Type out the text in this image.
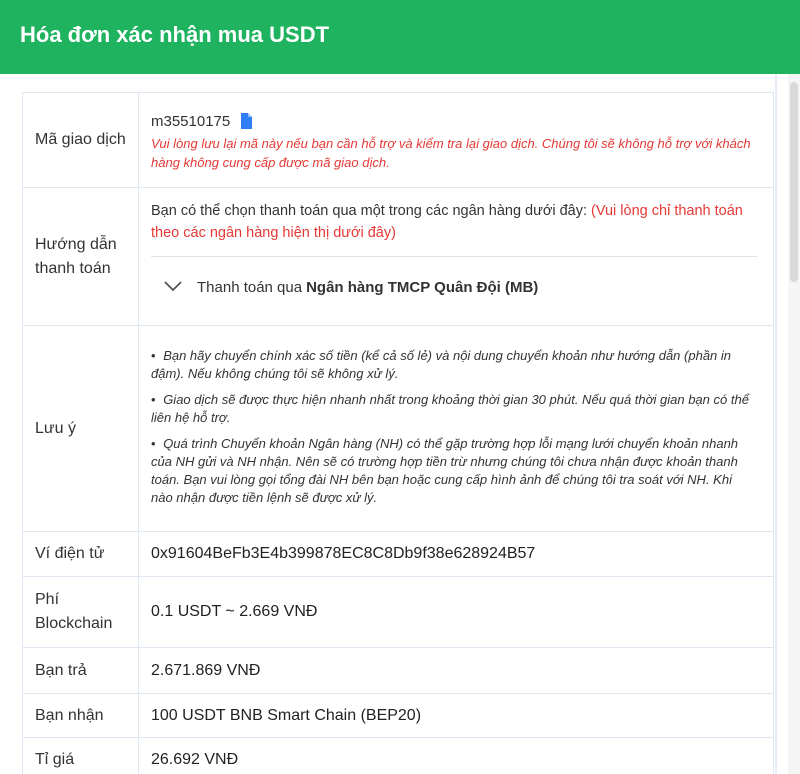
Hóa đơn xác nhận mua USDT
Mã giao dịch	m35510175
Vui lòng lưu lại mã này nếu bạn cần hỗ trợ và kiểm tra lại giao dịch. Chúng tôi sẽ không hỗ trợ với khách hàng không cung cấp được mã giao dịch.

Hướng dẫn thanh toán	Bạn có thể chọn thanh toán qua một trong các ngân hàng dưới đây: (Vui lòng chỉ thanh toán theo các ngân hàng hiện thị dưới đây)
Thanh toán qua Ngân hàng TMCP Quân Đội (MB)

Lưu ý	• Bạn hãy chuyển chính xác số tiền (kể cả số lẻ) và nội dung chuyển khoản như hướng dẫn (phần in đậm). Nếu không chúng tôi sẽ không xử lý.
• Giao dịch sẽ được thực hiện nhanh nhất trong khoảng thời gian 30 phút. Nếu quá thời gian bạn có thể liên hệ hỗ trợ.
• Quá trình Chuyển khoản Ngân hàng (NH) có thể gặp trường hợp lỗi mạng lưới chuyển khoản nhanh của NH gửi và NH nhận. Nên sẽ có trường hợp tiền trừ nhưng chúng tôi chưa nhận được khoản thanh toán. Bạn vui lòng gọi tổng đài NH bên bạn hoặc cung cấp hình ảnh để chúng tôi tra soát với NH. Khi nào nhận được tiền lệnh sẽ được xử lý.

Ví điện tử	0x91604BeFb3E4b399878EC8C8Db9f38e628924B57
Phí Blockchain	0.1 USDT ~ 2.669 VNĐ
Bạn trả	2.671.869 VNĐ
Bạn nhận	100 USDT BNB Smart Chain (BEP20)
Tỉ giá	26.692 VNĐ
